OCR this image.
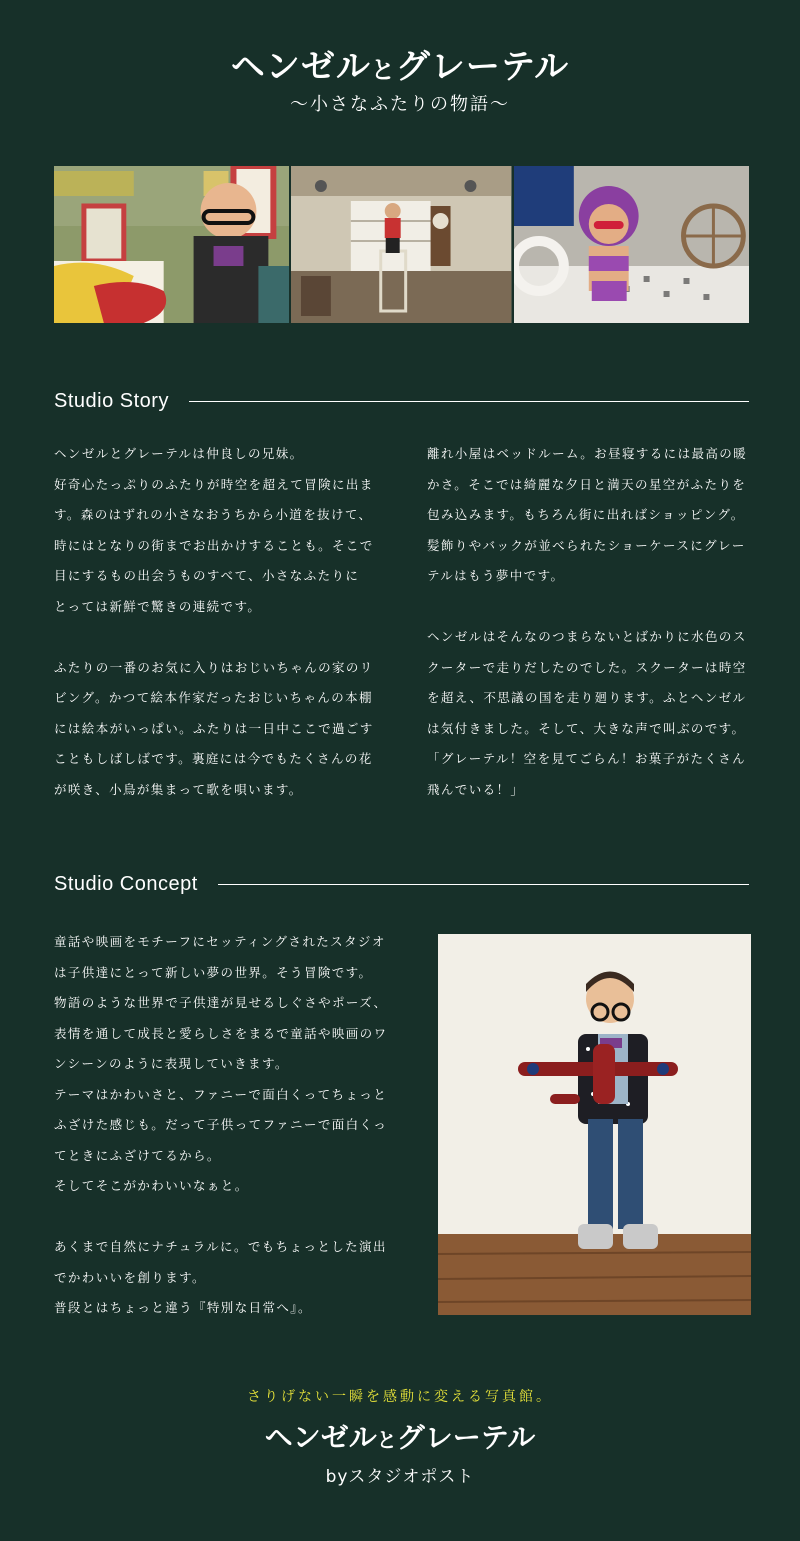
ヘンゼルとグレーテル
〜小さなふたりの物語〜
Studio Story

ヘンゼルとグレーテルは仲良しの兄妹。

好奇心たっぷりのふたりが時空を超えて冒険に出ま

す。森のはずれの小さなおうちから小道を抜けて、

時にはとなりの街までお出かけすることも。そこで

目にするもの出会うものすべて、小さなふたりに

とっては新鮮で驚きの連続です。

ふたりの一番のお気に入りはおじいちゃんの家のリ

ビング。かつて絵本作家だったおじいちゃんの本棚

には絵本がいっぱい。ふたりは一日中ここで過ごす

こともしばしばです。裏庭には今でもたくさんの花

が咲き、小鳥が集まって歌を唄います。

離れ小屋はベッドルーム。お昼寝するには最高の暖

かさ。そこでは綺麗な夕日と満天の星空がふたりを

包み込みます。もちろん街に出ればショッピング。

髪飾りやバックが並べられたショーケースにグレー

テルはもう夢中です。

ヘンゼルはそんなのつまらないとばかりに水色のス

クーターで走りだしたのでした。スクーターは時空

を超え、不思議の国を走り廻ります。ふとヘンゼル

は気付きました。そして、大きな声で叫ぶのです。

「グレーテル！空を見てごらん！お菓子がたくさん

飛んでいる！」

Studio Concept

童話や映画をモチーフにセッティングされたスタジオ

は子供達にとって新しい夢の世界。そう冒険です。

物語のような世界で子供達が見せるしぐさやポーズ、

表情を通して成長と愛らしさをまるで童話や映画のワ

ンシーンのように表現していきます。

テーマはかわいさと、ファニーで面白くってちょっと

ふざけた感じも。だって子供ってファニーで面白くっ

てときにふざけてるから。

そしてそこがかわいいなぁと。

あくまで自然にナチュラルに。でもちょっとした演出

でかわいいを創ります。

普段とはちょっと違う『特別な日常へ』。

さりげない一瞬を感動に変える写真館。
ヘンゼルとグレーテル
byスタジオポスト
